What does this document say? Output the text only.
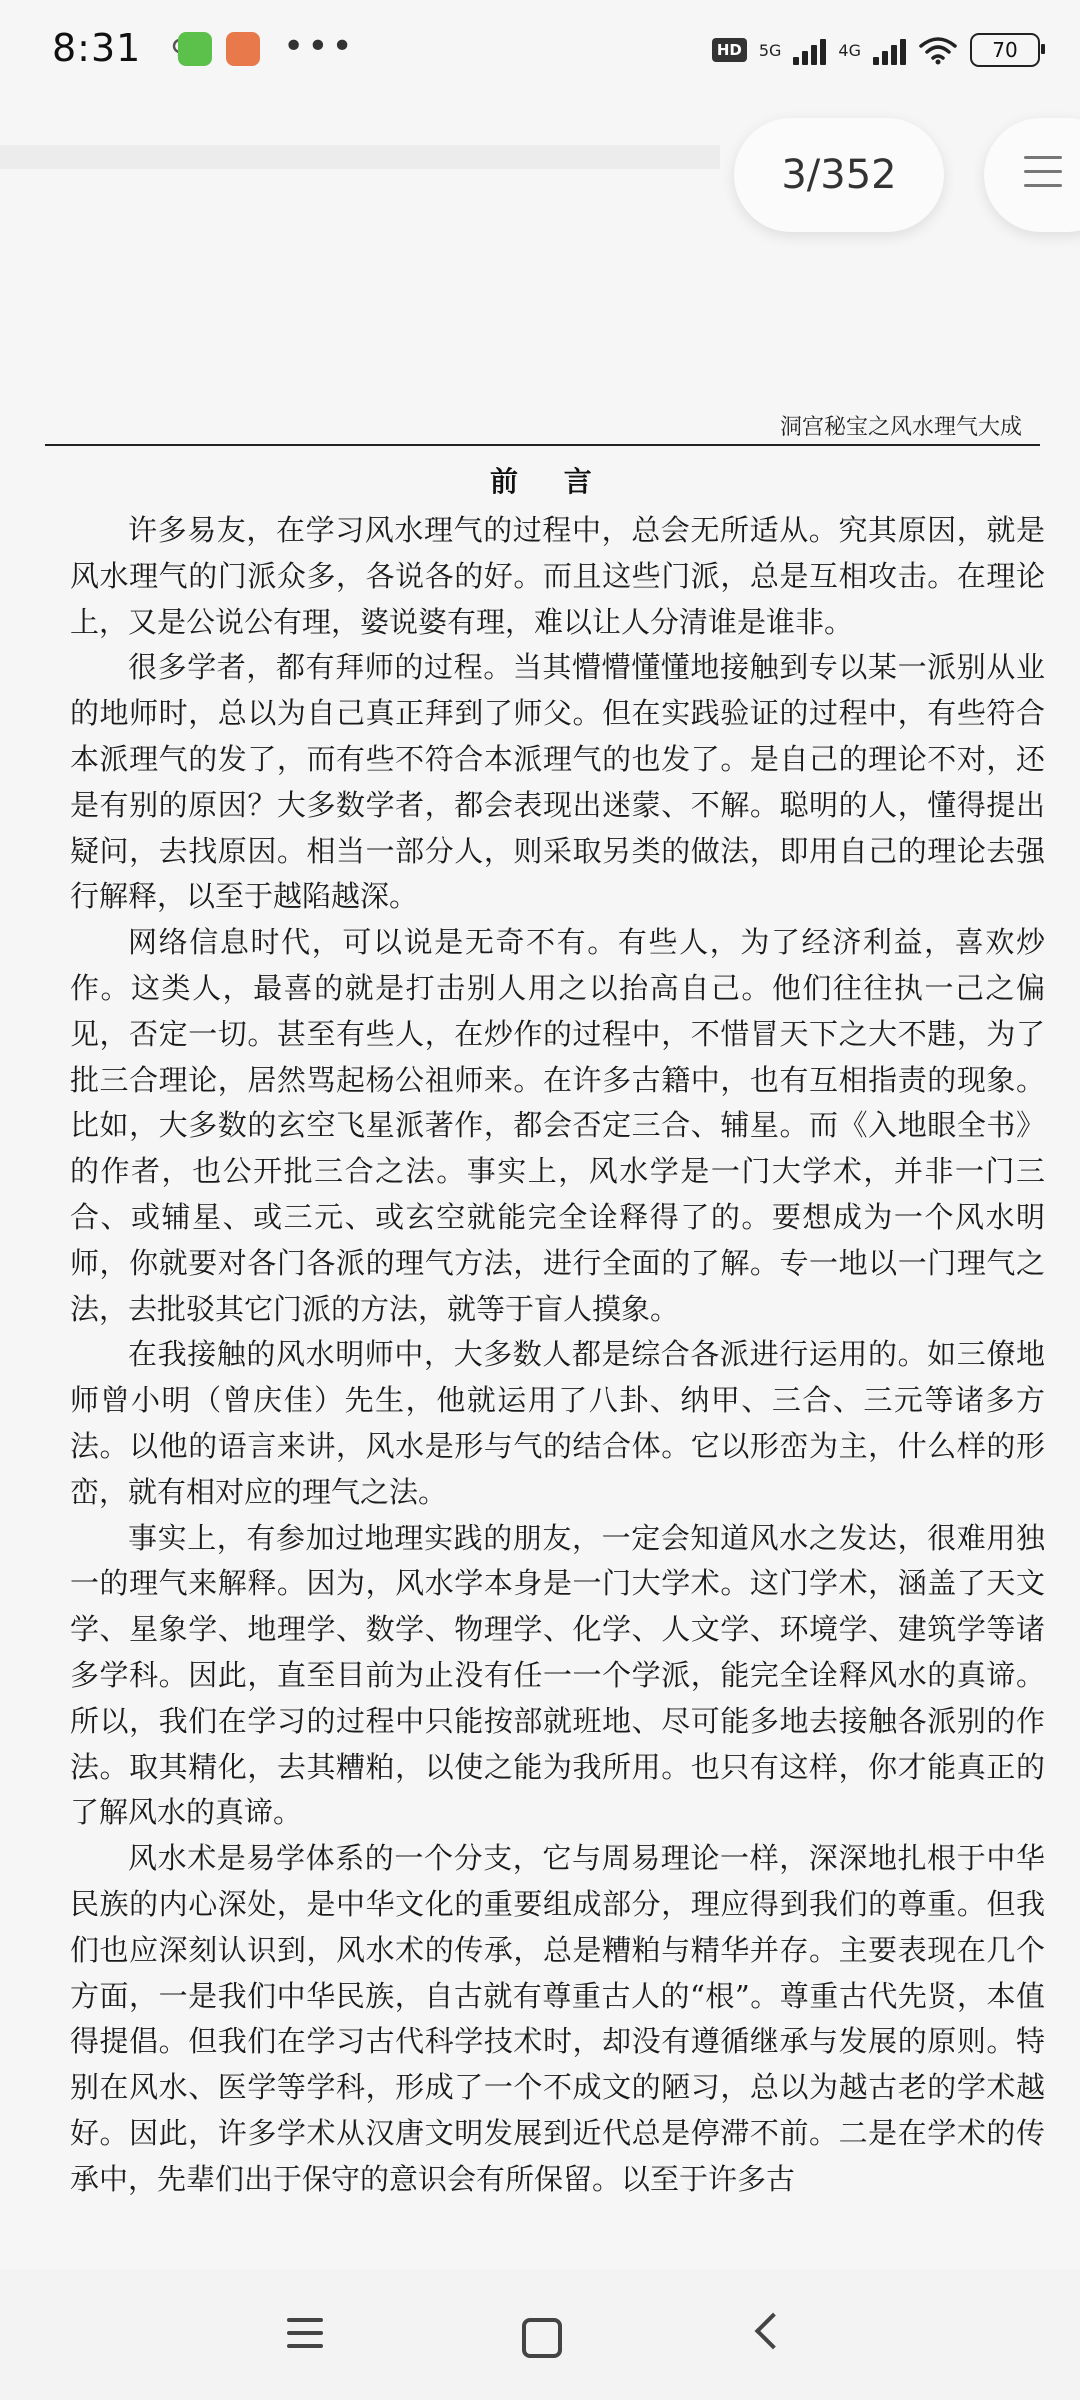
8:31	•••	HD	5G	4G	70
3/352
洞宫秘宝之风水理气大成
前 言

许多易友，在学习风水理气的过程中，总会无所适从。究其原因，就是风水理气的门派众多，各说各的好。而且这些门派，总是互相攻击。在理论上，又是公说公有理，婆说婆有理，难以让人分清谁是谁非。

很多学者，都有拜师的过程。当其懵懵懂懂地接触到专以某一派别从业的地师时，总以为自己真正拜到了师父。但在实践验证的过程中，有些符合本派理气的发了，而有些不符合本派理气的也发了。是自己的理论不对，还是有别的原因？大多数学者，都会表现出迷蒙、不解。聪明的人，懂得提出疑问，去找原因。相当一部分人，则采取另类的做法，即用自己的理论去强行解释，以至于越陷越深。

网络信息时代，可以说是无奇不有。有些人，为了经济利益，喜欢炒作。这类人，最喜的就是打击别人用之以抬高自己。他们往往执一己之偏见，否定一切。甚至有些人，在炒作的过程中，不惜冒天下之大不韪，为了批三合理论，居然骂起杨公祖师来。在许多古籍中，也有互相指责的现象。比如，大多数的玄空飞星派著作，都会否定三合、辅星。而《入地眼全书》的作者，也公开批三合之法。事实上，风水学是一门大学术，并非一门三合、或辅星、或三元、或玄空就能完全诠释得了的。要想成为一个风水明师，你就要对各门各派的理气方法，进行全面的了解。专一地以一门理气之法，去批驳其它门派的方法，就等于盲人摸象。

在我接触的风水明师中，大多数人都是综合各派进行运用的。如三僚地师曾小明（曾庆佳）先生，他就运用了八卦、纳甲、三合、三元等诸多方法。以他的语言来讲，风水是形与气的结合体。它以形峦为主，什么样的形峦，就有相对应的理气之法。

事实上，有参加过地理实践的朋友，一定会知道风水之发达，很难用独一的理气来解释。因为，风水学本身是一门大学术。这门学术，涵盖了天文学、星象学、地理学、数学、物理学、化学、人文学、环境学、建筑学等诸多学科。因此，直至目前为止没有任一一个学派，能完全诠释风水的真谛。所以，我们在学习的过程中只能按部就班地、尽可能多地去接触各派别的作法。取其精化，去其糟粕，以使之能为我所用。也只有这样，你才能真正的了解风水的真谛。

风水术是易学体系的一个分支，它与周易理论一样，深深地扎根于中华民族的内心深处，是中华文化的重要组成部分，理应得到我们的尊重。但我们也应深刻认识到，风水术的传承，总是糟粕与精华并存。主要表现在几个方面，一是我们中华民族，自古就有尊重古人的“根”。尊重古代先贤，本值得提倡。但我们在学习古代科学技术时，却没有遵循继承与发展的原则。特别在风水、医学等学科，形成了一个不成文的陋习，总以为越古老的学术越好。因此，许多学术从汉唐文明发展到近代总是停滞不前。二是在学术的传承中，先辈们出于保守的意识会有所保留。以至于许多古
